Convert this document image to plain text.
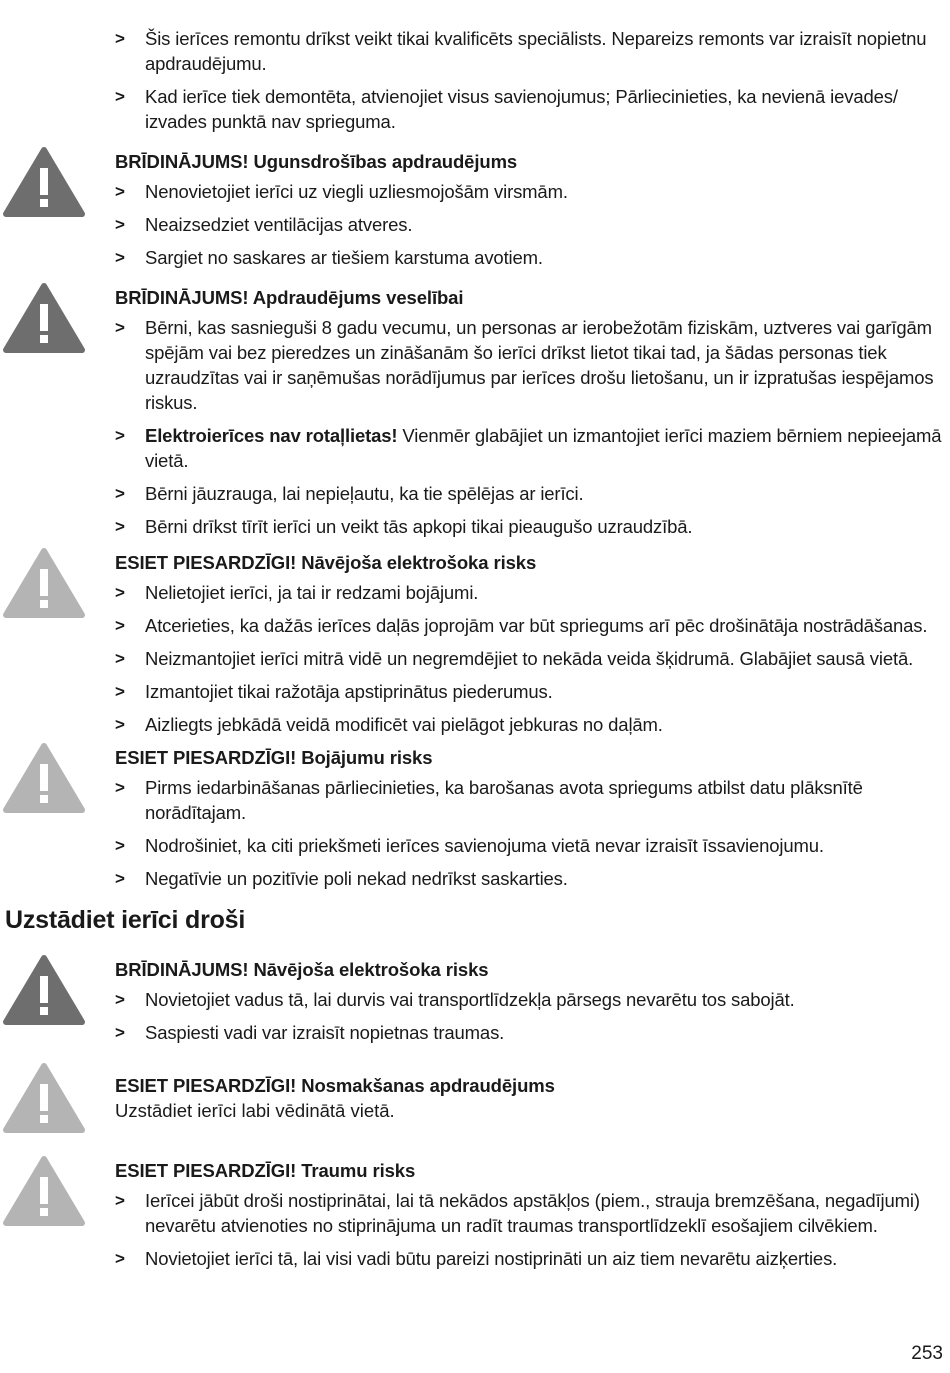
>	Šis ierīces remontu drīkst veikt tikai kvalificēts speciālists. Nepareizs remonts var izraisīt nopietnu apdraudējumu.
>	Kad ierīce tiek demontēta, atvienojiet visus savienojumus; Pārliecinieties, ka nevienā ievades/ izvades punktā nav sprieguma.

BRĪDINĀJUMS! Ugunsdrošības apdraudējums

>	Nenovietojiet ierīci uz viegli uzliesmojošām virsmām.
>	Neaizsedziet ventilācijas atveres.
>	Sargiet no saskares ar tiešiem karstuma avotiem.

BRĪDINĀJUMS! Apdraudējums veselībai

>	Bērni, kas sasnieguši 8 gadu vecumu, un personas ar ierobežotām fiziskām, uztveres vai garīgām spējām vai bez pieredzes un zināšanām šo ierīci drīkst lietot tikai tad, ja šādas personas tiek uzraudzītas vai ir saņēmušas norādījumus par ierīces drošu lietošanu, un ir izpratušas iespējamos riskus.
>	Elektroierīces nav rotaļlietas! Vienmēr glabājiet un izmantojiet ierīci maziem bērniem nepieejamā vietā.
>	Bērni jāuzrauga, lai nepieļautu, ka tie spēlējas ar ierīci.
>	Bērni drīkst tīrīt ierīci un veikt tās apkopi tikai pieaugušo uzraudzībā.

ESIET PIESARDZĪGI! Nāvējoša elektrošoka risks

>	Nelietojiet ierīci, ja tai ir redzami bojājumi.
>	Atcerieties, ka dažās ierīces daļās joprojām var būt spriegums arī pēc drošinātāja nostrādāšanas.
>	Neizmantojiet ierīci mitrā vidē un negremdējiet to nekāda veida šķidrumā. Glabājiet sausā vietā.
>	Izmantojiet tikai ražotāja apstiprinātus piederumus.
>	Aizliegts jebkādā veidā modificēt vai pielāgot jebkuras no daļām.

ESIET PIESARDZĪGI! Bojājumu risks

>	Pirms iedarbināšanas pārliecinieties, ka barošanas avota spriegums atbilst datu plāksnītē norādītajam.
>	Nodrošiniet, ka citi priekšmeti ierīces savienojuma vietā nevar izraisīt īssavienojumu.
>	Negatīvie un pozitīvie poli nekad nedrīkst saskarties.
Uzstādiet ierīci droši

BRĪDINĀJUMS! Nāvējoša elektrošoka risks

>	Novietojiet vadus tā, lai durvis vai transportlīdzekļa pārsegs nevarētu tos sabojāt.
>	Saspiesti vadi var izraisīt nopietnas traumas.

ESIET PIESARDZĪGI! Nosmakšanas apdraudējums

Uzstādiet ierīci labi vēdinātā vietā.

ESIET PIESARDZĪGI! Traumu risks

>	Ierīcei jābūt droši nostiprinātai, lai tā nekādos apstākļos (piem., strauja bremzēšana, negadījumi) nevarētu atvienoties no stiprinājuma un radīt traumas transportlīdzeklī esošajiem cilvēkiem.
>	Novietojiet ierīci tā, lai visi vadi būtu pareizi nostiprināti un aiz tiem nevarētu aizķerties.
253
